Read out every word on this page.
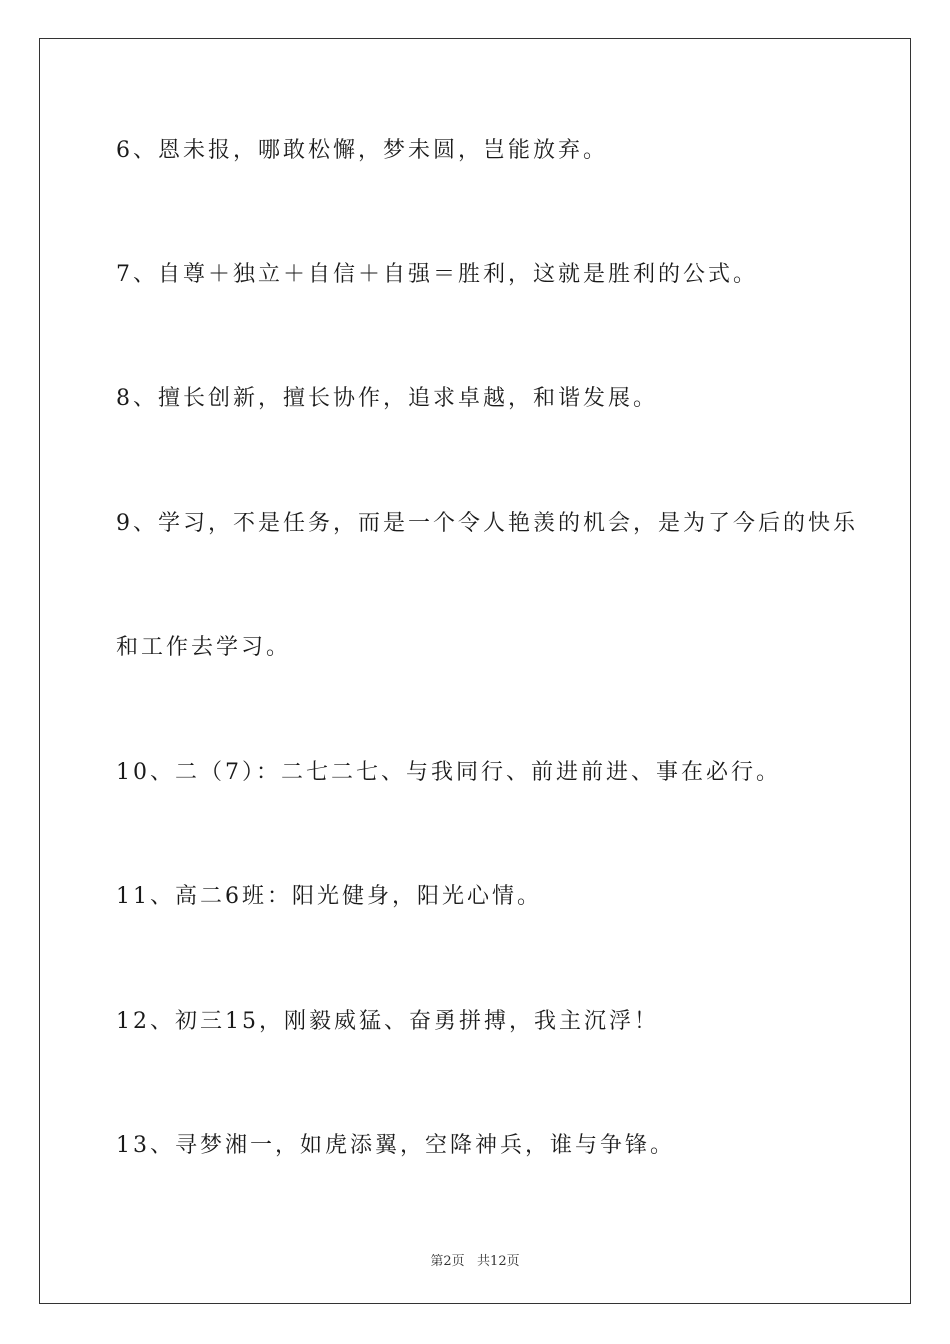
6、恩未报，哪敢松懈，梦未圆，岂能放弃。
7、自尊＋独立＋自信＋自强＝胜利，这就是胜利的公式。
8、擅长创新，擅长协作，追求卓越，和谐发展。
9、学习，不是任务，而是一个令人艳羡的机会，是为了今后的快乐
和工作去学习。
10、二（7）：二七二七、与我同行、前进前进、事在必行。
11、高二6班：阳光健身，阳光心情。
12、初三15，刚毅威猛、奋勇拼搏，我主沉浮！
13、寻梦湘一，如虎添翼，空降神兵，谁与争锋。
第2页   共12页
